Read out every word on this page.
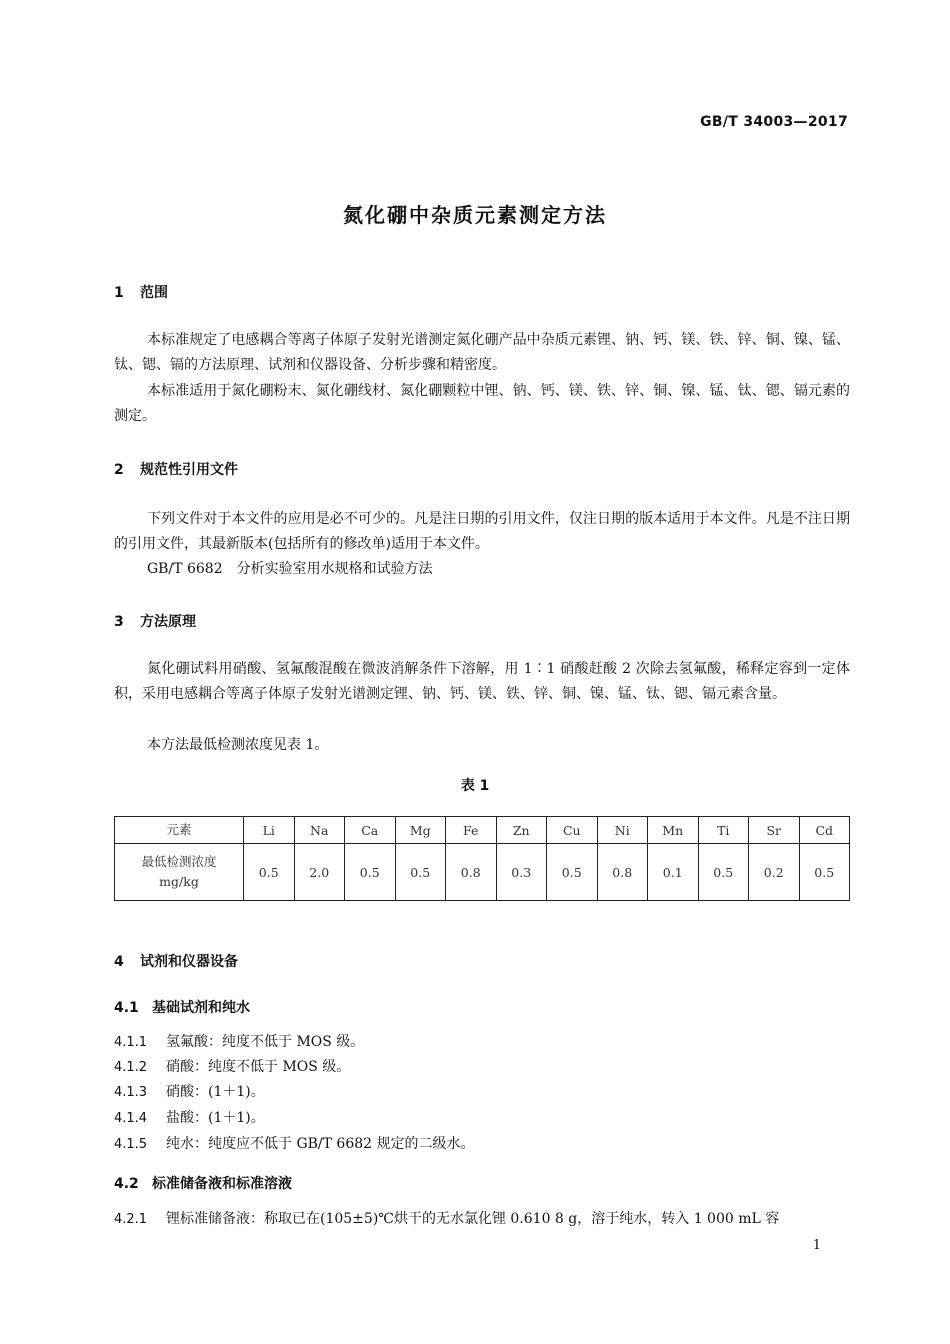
GB/T 34003—2017
氮化硼中杂质元素测定方法
1 范围
本标准规定了电感耦合等离子体原子发射光谱测定氮化硼产品中杂质元素锂、钠、钙、镁、铁、锌、铜、镍、锰、钛、锶、镉的方法原理、试剂和仪器设备、分析步骤和精密度。
本标准适用于氮化硼粉末、氮化硼线材、氮化硼颗粒中锂、钠、钙、镁、铁、锌、铜、镍、锰、钛、锶、镉元素的测定。
2 规范性引用文件
下列文件对于本文件的应用是必不可少的。凡是注日期的引用文件，仅注日期的版本适用于本文件。凡是不注日期的引用文件，其最新版本(包括所有的修改单)适用于本文件。
GB/T 6682　分析实验室用水规格和试验方法
3 方法原理
氮化硼试料用硝酸、氢氟酸混酸在微波消解条件下溶解，用 1∶1 硝酸赶酸 2 次除去氢氟酸，稀释定容到一定体积，采用电感耦合等离子体原子发射光谱测定锂、钠、钙、镁、铁、锌、铜、镍、锰、钛、锶、镉元素含量。
本方法最低检测浓度见表 1。
表 1
元素	Li	Na	Ca	Mg	Fe	Zn	Cu	Ni	Mn	Ti	Sr	Cd

最低检测浓度
mg/kg	0.5	2.0	0.5	0.5	0.8	0.3	0.5	0.8	0.1	0.5	0.2	0.5
4 试剂和仪器设备
4.1 基础试剂和纯水
4.1.1 氢氟酸：纯度不低于 MOS 级。
4.1.2 硝酸：纯度不低于 MOS 级。
4.1.3 硝酸：(1＋1)。
4.1.4 盐酸：(1＋1)。
4.1.5 纯水：纯度应不低于 GB/T 6682 规定的二级水。
4.2 标准储备液和标准溶液
4.2.1 锂标准储备液：称取已在(105±5)℃烘干的无水氯化锂 0.610 8 g，溶于纯水，转入 1 000 mL 容
1
